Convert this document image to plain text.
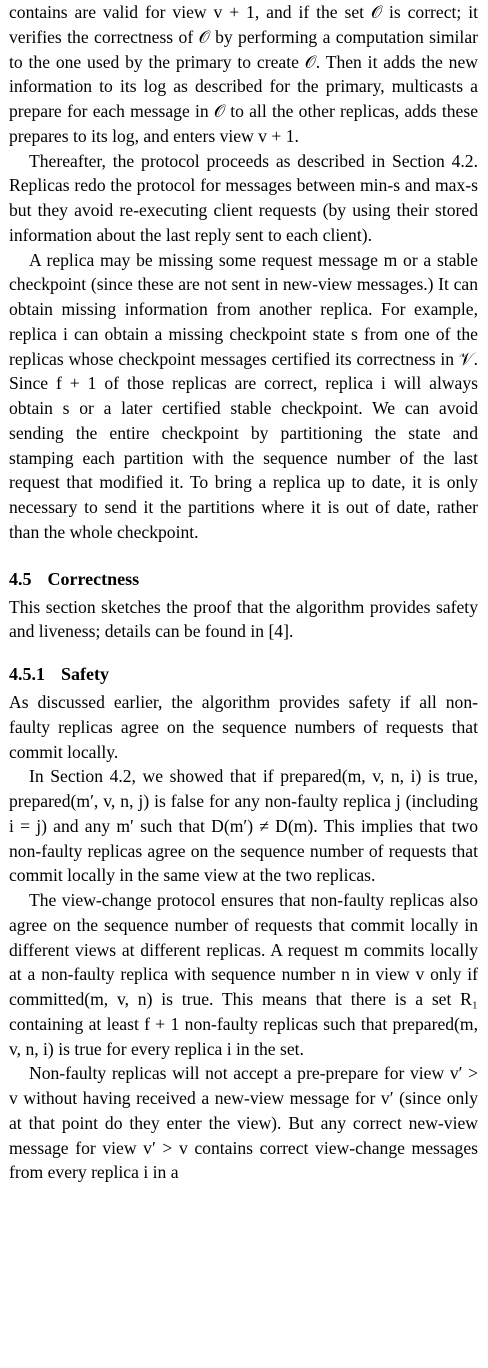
contains are valid for view v + 1, and if the set 𝒪 is correct; it verifies the correctness of 𝒪 by performing a computation similar to the one used by the primary to create 𝒪. Then it adds the new information to its log as described for the primary, multicasts a prepare for each message in 𝒪 to all the other replicas, adds these prepares to its log, and enters view v + 1.

Thereafter, the protocol proceeds as described in Section 4.2. Replicas redo the protocol for messages between min-s and max-s but they avoid re-executing client requests (by using their stored information about the last reply sent to each client).

A replica may be missing some request message m or a stable checkpoint (since these are not sent in new-view messages.) It can obtain missing information from another replica. For example, replica i can obtain a missing checkpoint state s from one of the replicas whose checkpoint messages certified its correctness in 𝒱. Since f + 1 of those replicas are correct, replica i will always obtain s or a later certified stable checkpoint. We can avoid sending the entire checkpoint by partitioning the state and stamping each partition with the sequence number of the last request that modified it. To bring a replica up to date, it is only necessary to send it the partitions where it is out of date, rather than the whole checkpoint.

4.5 Correctness

This section sketches the proof that the algorithm provides safety and liveness; details can be found in [4].

4.5.1 Safety

As discussed earlier, the algorithm provides safety if all non-faulty replicas agree on the sequence numbers of requests that commit locally.

In Section 4.2, we showed that if prepared(m, v, n, i) is true, prepared(m′, v, n, j) is false for any non-faulty replica j (including i = j) and any m′ such that D(m′) ≠ D(m). This implies that two non-faulty replicas agree on the sequence number of requests that commit locally in the same view at the two replicas.

The view-change protocol ensures that non-faulty replicas also agree on the sequence number of requests that commit locally in different views at different replicas. A request m commits locally at a non-faulty replica with sequence number n in view v only if committed(m, v, n) is true. This means that there is a set R₁ containing at least f + 1 non-faulty replicas such that prepared(m, v, n, i) is true for every replica i in the set.

Non-faulty replicas will not accept a pre-prepare for view v′ > v without having received a new-view message for v′ (since only at that point do they enter the view). But any correct new-view message for view v′ > v contains correct view-change messages from every replica i in a
